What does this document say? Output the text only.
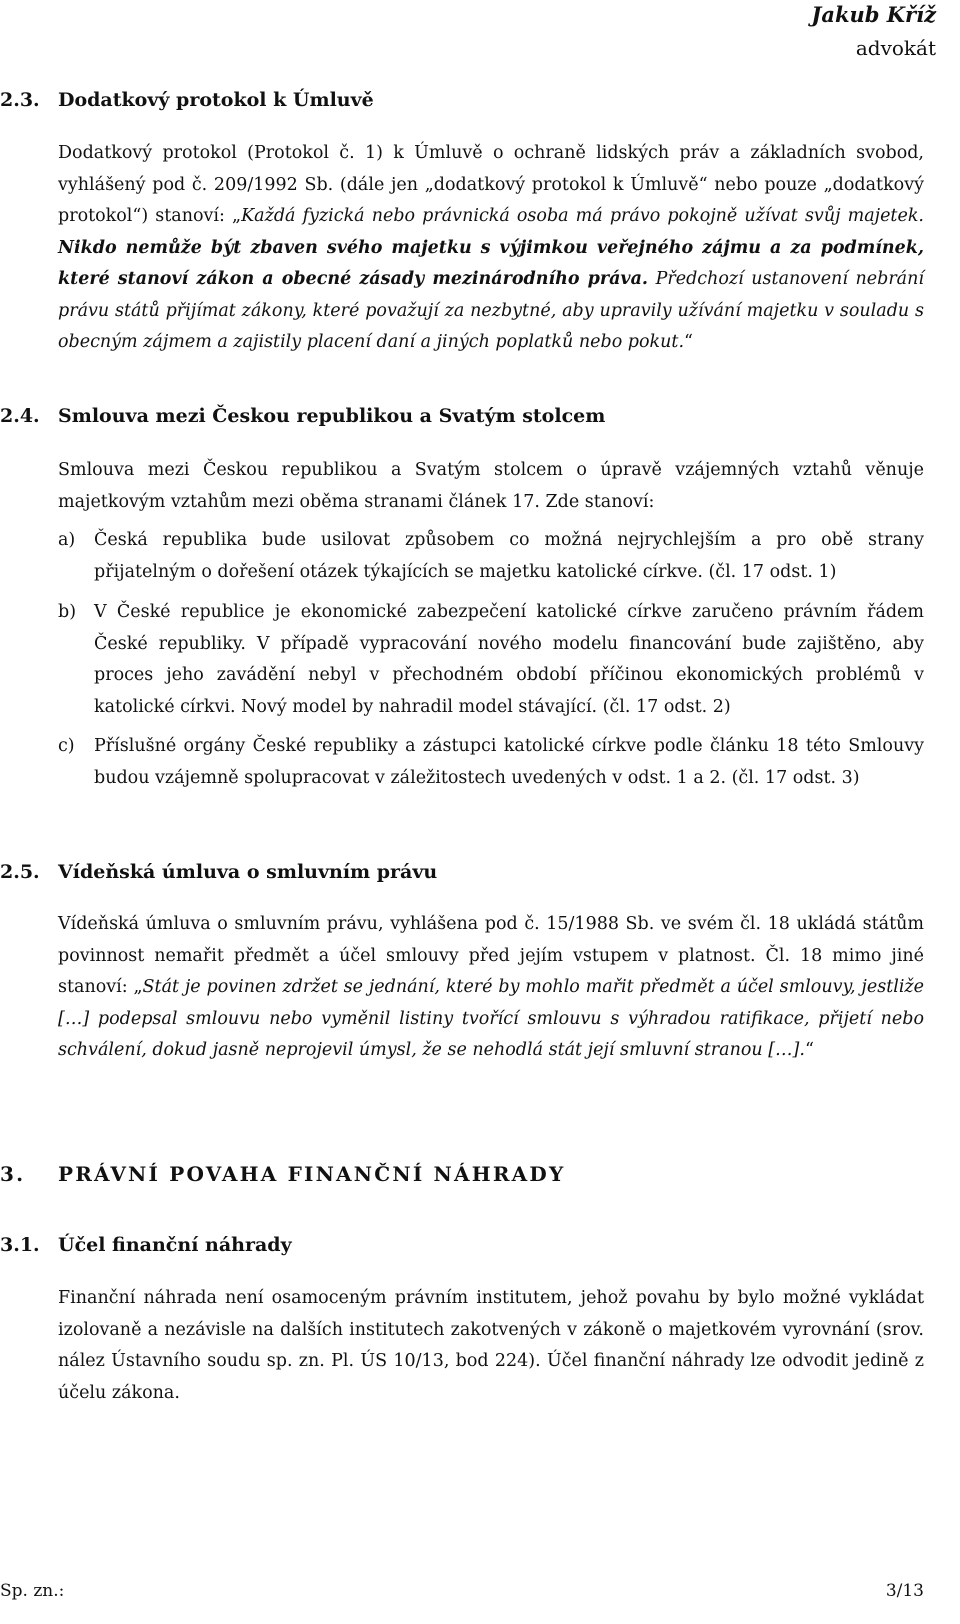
Jakub Kříž
advokát
2.3. Dodatkový protokol k Úmluvě
Dodatkový protokol (Protokol č. 1) k Úmluvě o ochraně lidských práv a základních svobod, vyhlášený pod č. 209/1992 Sb. (dále jen „dodatkový protokol k Úmluvě“ nebo pouze „dodatkový protokol“) stanoví: „Každá fyzická nebo právnická osoba má právo pokojně užívat svůj majetek. Nikdo nemůže být zbaven svého majetku s výjimkou veřejného zájmu a za podmínek, které stanoví zákon a obecné zásady mezinárodního práva. Předchozí ustanovení nebrání právu států přijímat zákony, které považují za nezbytné, aby upravily užívání majetku v souladu s obecným zájmem a zajistily placení daní a jiných poplatků nebo pokut.“
2.4. Smlouva mezi Českou republikou a Svatým stolcem
Smlouva mezi Českou republikou a Svatým stolcem o úpravě vzájemných vztahů věnuje majetkovým vztahům mezi oběma stranami článek 17. Zde stanoví:
a)	Česká republika bude usilovat způsobem co možná nejrychlejším a pro obě strany přijatelným o dořešení otázek týkajících se majetku katolické církve. (čl. 17 odst. 1)
b)	V České republice je ekonomické zabezpečení katolické církve zaručeno právním řádem České republiky. V případě vypracování nového modelu financování bude zajištěno, aby proces jeho zavádění nebyl v přechodném období příčinou ekonomických problémů v katolické církvi. Nový model by nahradil model stávající. (čl. 17 odst. 2)
c)	Příslušné orgány České republiky a zástupci katolické církve podle článku 18 této Smlouvy budou vzájemně spolupracovat v záležitostech uvedených v odst. 1 a 2. (čl. 17 odst. 3)
2.5. Vídeňská úmluva o smluvním právu
Vídeňská úmluva o smluvním právu, vyhlášena pod č. 15/1988 Sb. ve svém čl. 18 ukládá státům povinnost nemařit předmět a účel smlouvy před jejím vstupem v platnost. Čl. 18 mimo jiné stanoví: „Stát je povinen zdržet se jednání, které by mohlo mařit předmět a účel smlouvy, jestliže […] podepsal smlouvu nebo vyměnil listiny tvořící smlouvu s výhradou ratifikace, přijetí nebo schválení, dokud jasně neprojevil úmysl, že se nehodlá stát její smluvní stranou […].“
3. PRÁVNÍ POVAHA FINANČNÍ NÁHRADY
3.1. Účel finanční náhrady
Finanční náhrada není osamoceným právním institutem, jehož povahu by bylo možné vykládat izolovaně a nezávisle na dalších institutech zakotvených v zákoně o majetkovém vyrovnání (srov. nález Ústavního soudu sp. zn. Pl. ÚS 10/13, bod 224). Účel finanční náhrady lze odvodit jedině z účelu zákona.
Sp. zn.:	3/13
